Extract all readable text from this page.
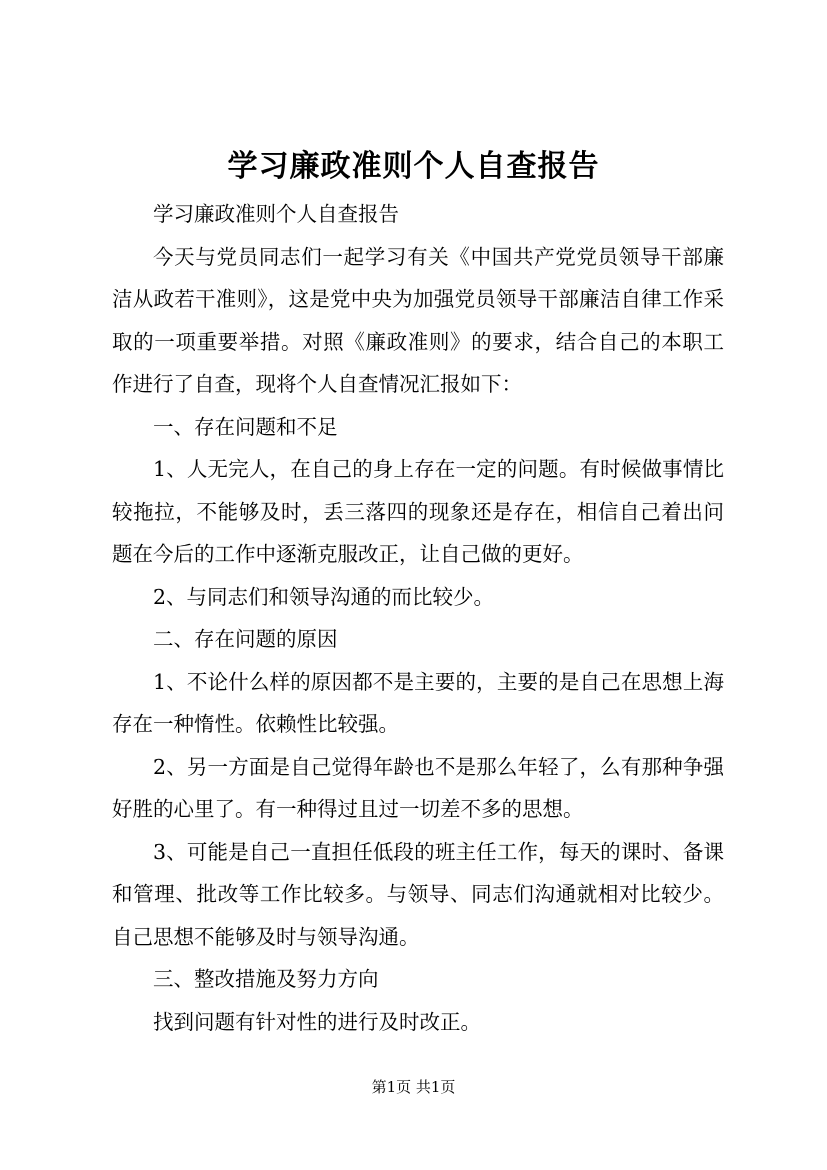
学习廉政准则个人自查报告

学习廉政准则个人自查报告

今天与党员同志们一起学习有关《中国共产党党员领导干部廉洁从政若干准则》，这是党中央为加强党员领导干部廉洁自律工作采取的一项重要举措。对照《廉政准则》的要求，结合自己的本职工作进行了自查，现将个人自查情况汇报如下：

一、存在问题和不足

1、人无完人，在自己的身上存在一定的问题。有时候做事情比较拖拉，不能够及时，丢三落四的现象还是存在，相信自己着出问题在今后的工作中逐渐克服改正，让自己做的更好。

2、与同志们和领导沟通的而比较少。

二、存在问题的原因

1、不论什么样的原因都不是主要的，主要的是自己在思想上海存在一种惰性。依赖性比较强。

2、另一方面是自己觉得年龄也不是那么年轻了，么有那种争强好胜的心里了。有一种得过且过一切差不多的思想。

3、可能是自己一直担任低段的班主任工作，每天的课时、备课和管理、批改等工作比较多。与领导、同志们沟通就相对比较少。自己思想不能够及时与领导沟通。

三、整改措施及努力方向

找到问题有针对性的进行及时改正。

第1页 共1页
